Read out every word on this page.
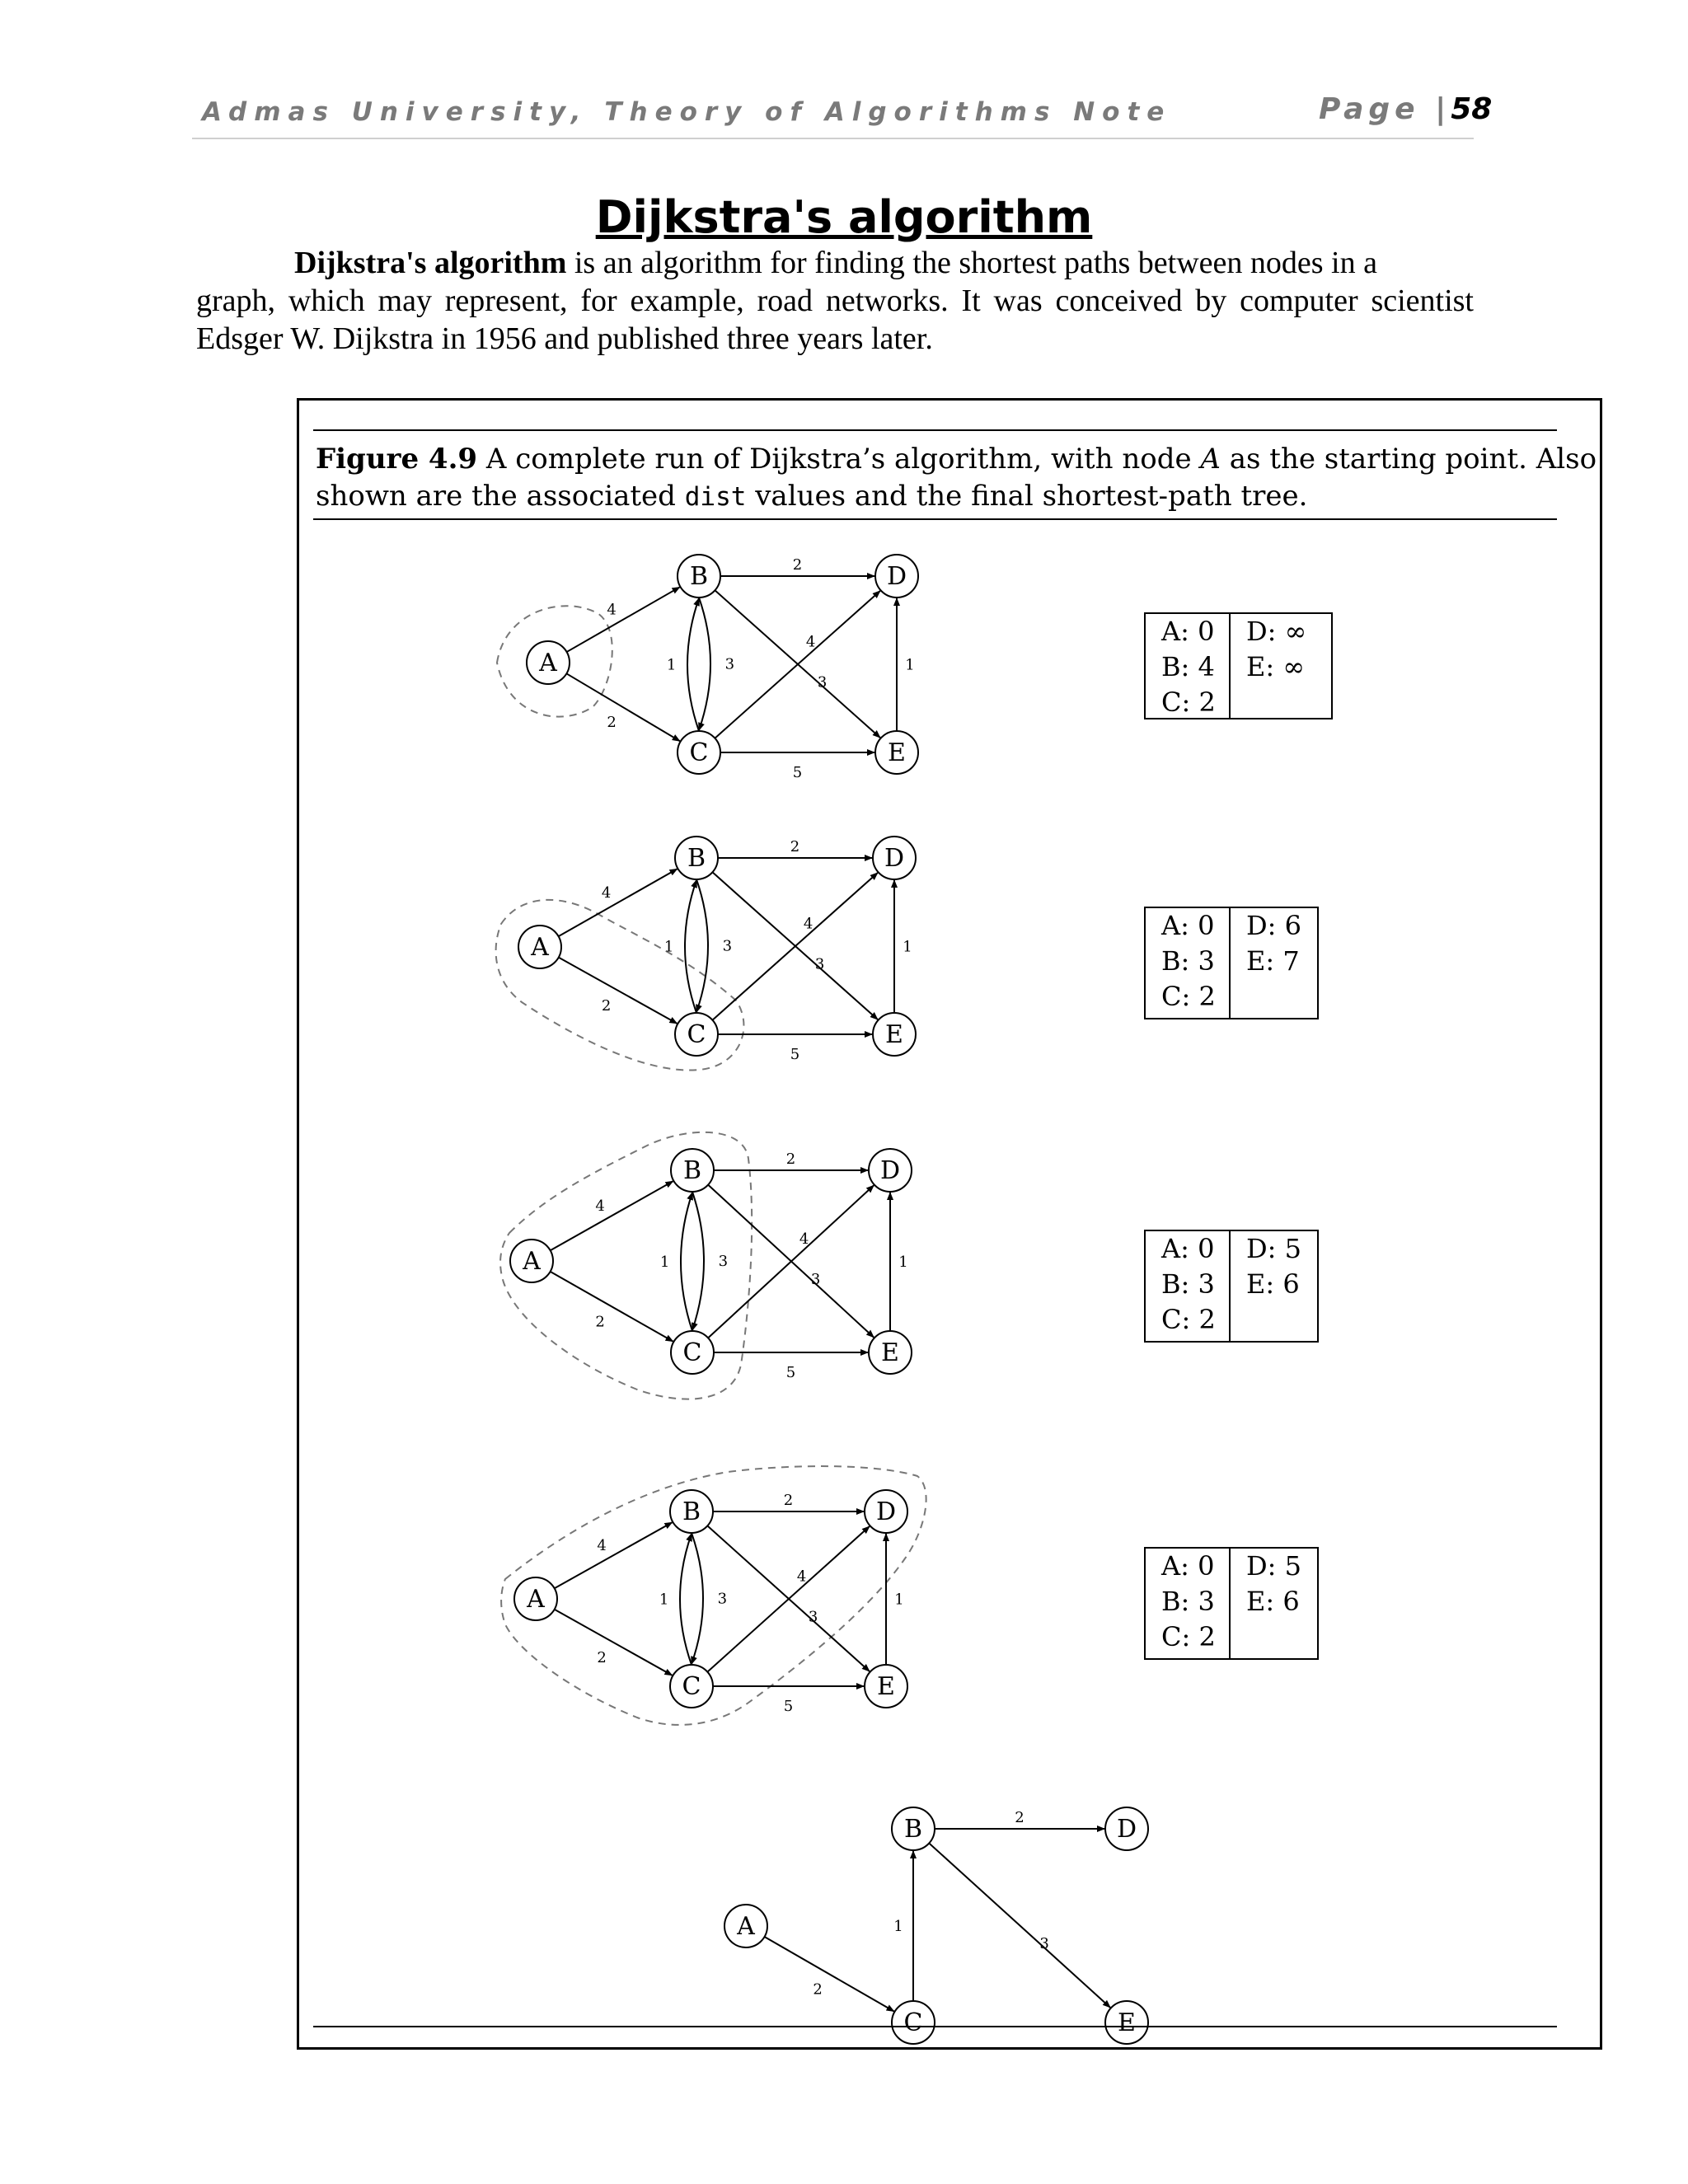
Admas University, Theory of Algorithms Note	Page |58
Dijkstra's algorithm
Dijkstra's algorithm is an algorithm for finding the shortest paths between nodes in a
graph, which may represent, for example, road networks. It was conceived by computer scientist Edsger W. Dijkstra in 1956 and published three years later.
Figure 4.9 A complete run of Dijkstra’s algorithm, with node A as the starting point. Also
shown are the associated dist values and the final shortest-path tree.
4
2
3
1
2
3
4
5
1
A
B
C
D
E
A: 0 D: ∞
B: 4 E: ∞
C: 2
4
2
3
1
2
3
4
5
1
A
B
C
D
E
A: 0 D: 6
B: 3 E: 7
C: 2
4
2
3
1
2
3
4
5
1
A
B
C
D
E
A: 0 D: 5
B: 3 E: 6
C: 2
4
2
3
1
2
3
4
5
1
A
B
C
D
E
A: 0 D: 5
B: 3 E: 6
C: 2
2
1
2
3
A
B
C
D
E
